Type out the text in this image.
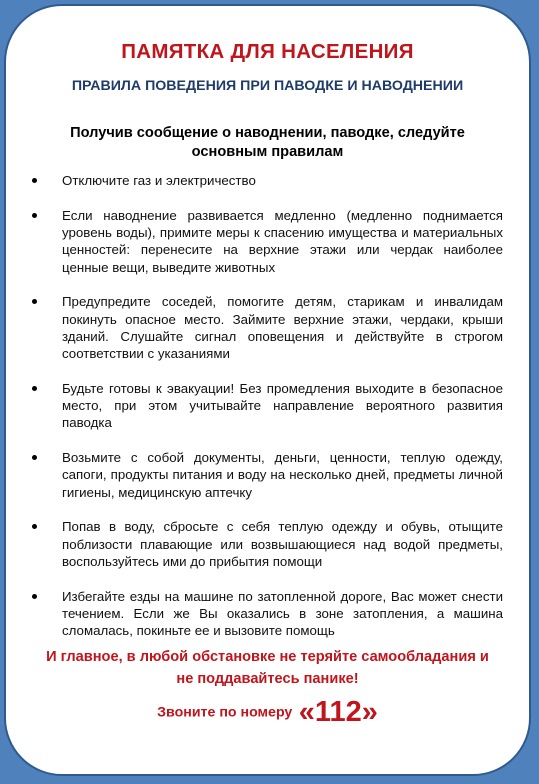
ПАМЯТКА ДЛЯ НАСЕЛЕНИЯ
ПРАВИЛА ПОВЕДЕНИЯ ПРИ ПАВОДКЕ И НАВОДНЕНИИ

Получив сообщение о наводнении, паводке, следуйте основным правилам

Отключите газ и электричество
Если наводнение развивается медленно (медленно поднимается уровень воды), примите меры к спасению имущества и материальных ценностей: перенесите на верхние этажи или чердак наиболее ценные вещи, выведите животных
Предупредите соседей, помогите детям, старикам и инвалидам покинуть опасное место. Займите верхние этажи, чердаки, крыши зданий. Слушайте сигнал оповещения и действуйте в строгом соответствии с указаниями
Будьте готовы к эвакуации! Без промедления выходите в безопасное место, при этом учитывайте направление вероятного развития паводка
Возьмите с собой документы, деньги, ценности, теплую одежду, сапоги, продукты питания и воду на несколько дней, предметы личной гигиены, медицинскую аптечку
Попав в воду, сбросьте с себя теплую одежду и обувь, отыщите поблизости плавающие или возвышающиеся над водой предметы, воспользуйтесь ими до прибытия помощи
Избегайте езды на машине по затопленной дороге, Вас может снести течением. Если же Вы оказались в зоне затопления, а машина сломалась, покиньте ее и вызовите помощь

И главное, в любой обстановке не теряйте самообладания и не поддавайтесь панике!

Звоните по номеру «112»
